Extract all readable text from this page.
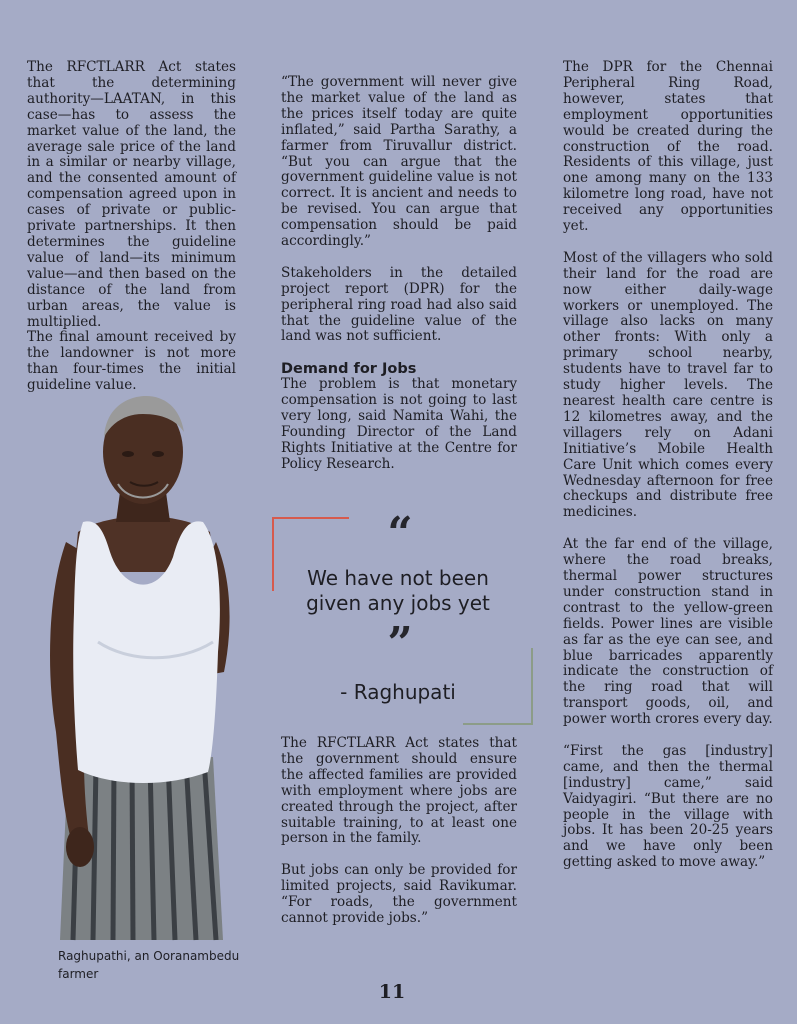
The RFCTLARR Act states that the determining authority—LAATAN, in this case—has to assess the market value of the land, the average sale price of the land in a similar or nearby village, and the consented amount of compensation agreed upon in cases of private or public-private partnerships. It then determines the guideline value of land—its minimum value—and then based on the distance of the land from urban areas, the value is multiplied.

The final amount received by the landowner is not more than four-times the initial guideline value.

“The government will never give the market value of the land as the prices itself today are quite inflated,” said Partha Sarathy, a farmer from Tiruvallur district. “But you can argue that the government guideline value is not correct. It is ancient and needs to be revised. You can argue that compensation should be paid accordingly.”

Stakeholders in the detailed project report (DPR) for the peripheral ring road had also said that the guideline value of the land was not sufficient.

Demand for Jobs

The problem is that monetary compensation is not going to last very long, said Namita Wahi, the Founding Director of the Land Rights Initiative at the Centre for Policy Research.

The RFCTLARR Act states that the government should ensure the affected families are provided with employment where jobs are created through the project, after suitable training, to at least one person in the family.

But jobs can only be provided for limited projects, said Ravikumar. “For roads, the government cannot provide jobs.”

The DPR for the Chennai Peripheral Ring Road, however, states that employment opportunities would be created during the construction of the road. Residents of this village, just one among many on the 133 kilometre long road, have not received any opportunities yet.

Most of the villagers who sold their land for the road are now either daily-wage workers or unemployed. The village also lacks on many other fronts: With only a primary school nearby, students have to travel far to study higher levels. The nearest health care centre is 12 kilometres away, and the villagers rely on Adani Initiative’s Mobile Health Care Unit which comes every Wednesday afternoon for free checkups and distribute free medicines.

At the far end of the village, where the road breaks, thermal power structures under construction stand in contrast to the yellow-green fields. Power lines are visible as far as the eye can see, and blue barricades apparently indicate the construction of the ring road that will transport goods, oil, and power worth crores every day.

“First the gas [industry] came, and then the thermal [industry] came,” said Vaidyagiri. “But there are no people in the village with jobs. It has been 20-25 years and we have only been getting asked to move away.”

Raghupathi, an Ooranambedu farmer
“
We have not been given any jobs yet
”
- Raghupati
11
